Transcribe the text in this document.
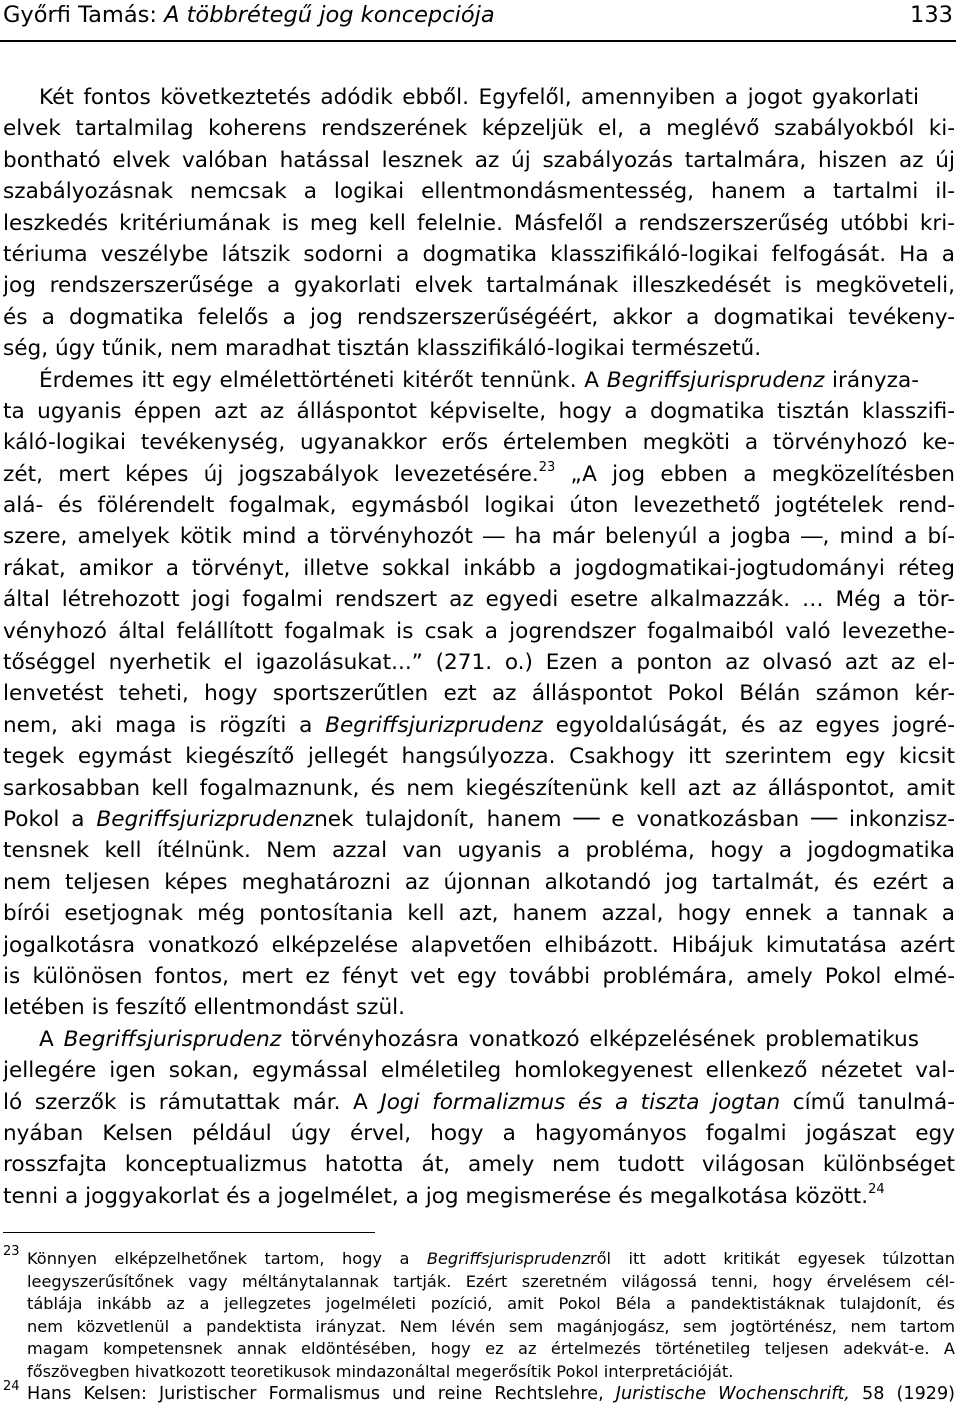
Győrfi Tamás: A többrétegű jog koncepciója	133
Két fontos következtetés adódik ebből. Egyfelől, amennyiben a jogot gyakorlati
elvek tartalmilag koherens rendszerének képzeljük el, a meglévő szabályokból ki-
bontható elvek valóban hatással lesznek az új szabályozás tartalmára, hiszen az új
szabályozásnak nemcsak a logikai ellentmondásmentesség, hanem a tartalmi il-
leszkedés kritériumának is meg kell felelnie. Másfelől a rendszerszerűség utóbbi kri-
tériuma veszélybe látszik sodorni a dogmatika klasszifikáló-logikai felfogását. Ha a
jog rendszerszerűsége a gyakorlati elvek tartalmának illeszkedését is megköveteli,
és a dogmatika felelős a jog rendszerszerűségéért, akkor a dogmatikai tevékeny-
ség, úgy tűnik, nem maradhat tisztán klasszifikáló-logikai természetű.
Érdemes itt egy elmélettörténeti kitérőt tennünk. A Begriffsjurisprudenz irányza-
ta ugyanis éppen azt az álláspontot képviselte, hogy a dogmatika tisztán klasszifi-
káló-logikai tevékenység, ugyanakkor erős értelemben megköti a törvényhozó ke-
zét, mert képes új jogszabályok levezetésére.$^{23}$ „A jog ebben a megközelítésben
alá- és fölérendelt fogalmak, egymásból logikai úton levezethető jogtételek rend-
szere, amelyek kötik mind a törvényhozót ― ha már belenyúl a jogba ―, mind a bí-
rákat, amikor a törvényt, illetve sokkal inkább a jogdogmatikai-jogtudományi réteg
által létrehozott jogi fogalmi rendszert az egyedi esetre alkalmazzák. … Még a tör-
vényhozó által felállított fogalmak is csak a jogrendszer fogalmaiból való levezethe-
tőséggel nyerhetik el igazolásukat...” (271. o.) Ezen a ponton az olvasó azt az el-
lenvetést teheti, hogy sportszerűtlen ezt az álláspontot Pokol Bélán számon kér-
nem, aki maga is rögzíti a Begriffsjurizprudenz egyoldalúságát, és az egyes jogré-
tegek egymást kiegészítő jellegét hangsúlyozza. Csakhogy itt szerintem egy kicsit
sarkosabban kell fogalmaznunk, és nem kiegészítenünk kell azt az álláspontot, amit
Pokol a Begriffsjurizprudenznek tulajdonít, hanem ── e vonatkozásban ── inkonzisz-
tensnek kell ítélnünk. Nem azzal van ugyanis a probléma, hogy a jogdogmatika
nem teljesen képes meghatározni az újonnan alkotandó jog tartalmát, és ezért a
bírói esetjognak még pontosítania kell azt, hanem azzal, hogy ennek a tannak a
jogalkotásra vonatkozó elképzelése alapvetően elhibázott. Hibájuk kimutatása azért
is különösen fontos, mert ez fényt vet egy további problémára, amely Pokol elmé-
letében is feszítő ellentmondást szül.
A Begriffsjurisprudenz törvényhozásra vonatkozó elképzelésének problematikus
jellegére igen sokan, egymással elméletileg homlokegyenest ellenkező nézetet val-
ló szerzők is rámutattak már. A Jogi formalizmus és a tiszta jogtan című tanulmá-
nyában Kelsen például úgy érvel, hogy a hagyományos fogalmi jogászat egy
rosszfajta konceptualizmus hatotta át, amely nem tudott világosan különbséget
tenni a joggyakorlat és a jogelmélet, a jog megismerése és megalkotása között.$^{24}$
23 Könnyen elképzelhetőnek tartom, hogy a Begriffsjurisprudenzről itt adott kritikát egyesek túlzottan
leegyszerűsítőnek vagy méltánytalannak tartják. Ezért szeretném világossá tenni, hogy érvelésem cél-
táblája inkább az a jellegzetes jogelméleti pozíció, amit Pokol Béla a pandektistáknak tulajdonít, és
nem közvetlenül a pandektista irányzat. Nem lévén sem magánjogász, sem jogtörténész, nem tartom
magam kompetensnek annak eldöntésében, hogy ez az értelmezés történetileg teljesen adekvát-e. A
főszövegben hivatkozott teoretikusok mindazonáltal megerősítik Pokol interpretációját.
24 Hans Kelsen: Juristischer Formalismus und reine Rechtslehre, Juristische Wochenschrift, 58 (1929)
